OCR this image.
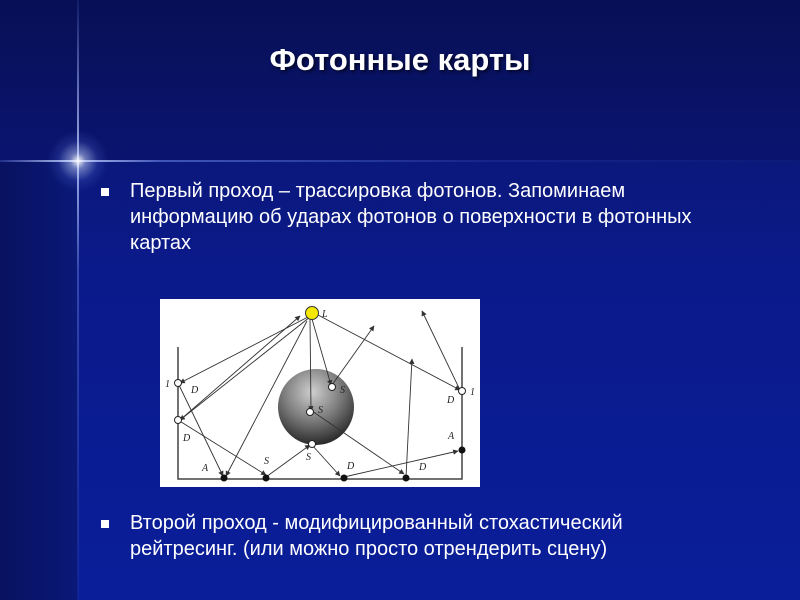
Фотонные карты
Первый проход – трассировка фотонов. Запоминаем информацию об ударах фотонов о поверхности в фотонных картах
L
1
D
D
1
D
A
S
S
S
A
S	D	D
Второй проход - модифицированный стохастический рейтресинг. (или можно просто отрендерить сцену)
